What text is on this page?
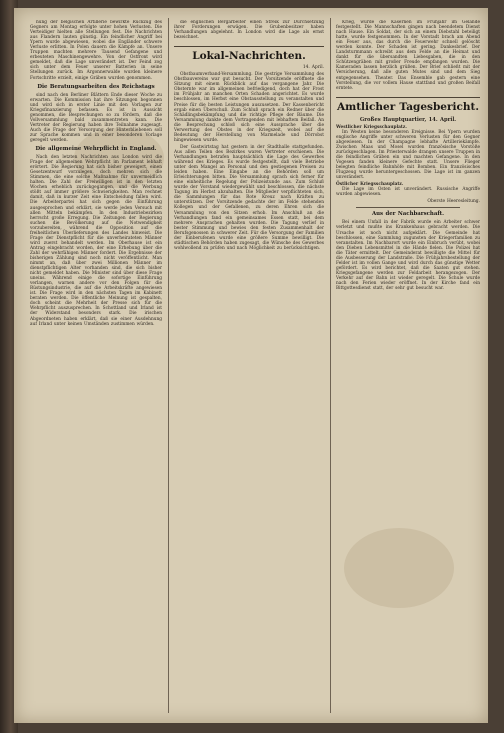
nung der belgischen Artillerie bewirkte Rückzug des Gegners am Montag erfolgte unter hohen Verlusten. Die Verteidiger hielten alle Stellungen fest. Die Nachrichten aus Flandern lauten günstig. Ein feindlicher Angriff bei Ypern wurde abgewiesen, wobei die Engländer schwere Verluste erlitten. In Polen dauern die Kämpfe an. Unsere Truppen machten mehrere Tausend Gefangene und erbeuteten Maschinengewehre. Von der Ostfront wird gemeldet, daß die Lage unverändert ist. Der Feind zog sich unter dem Feuer unserer Batterien in seine Stellungen zurück. Im Argonnerwalde wurden kleinere Fortschritte erzielt, einige Gräben wurden genommen.

Die Beratungsarbeiten des Reichstags

sind nach den Berliner Blättern Ende dieser Woche zu erwarten. Die Kommission hat ihre Sitzungen begonnen und wird sich in erster Linie mit den Vorlagen zur Kriegsfinanzierung befassen. Es ist in Aussicht genommen, die Besprechungen so zu fördern, daß die Vollversammlung bald zusammentreten kann. Die Vertreter der Regierung haben ihre Teilnahme zugesagt. Auch die Frage der Versorgung der Hinterbliebenen soll zur Sprache kommen und in einer besonderen Vorlage geregelt werden.

Die allgemeine Wehrpflicht in England.

Nach den letzten Nachrichten aus London wird die Frage der allgemeinen Wehrpflicht im Parlament lebhaft erörtert. Die Regierung hat sich bisher geweigert, einen Gesetzentwurf vorzulegen, doch mehren sich die Stimmen, die eine solche Maßnahme für unvermeidlich halten. Die Zahl der Freiwilligen ist in den letzten Wochen erheblich zurückgegangen, und die Werbung stößt auf immer größere Schwierigkeiten. Man rechnet damit, daß in kurzer Zeit eine Entscheidung fallen wird. Die Arbeiterpartei hat sich gegen die Einführung ausgesprochen und erklärt, sie werde jeden Versuch mit allen Mitteln bekämpfen. In den Industriebezirken herrscht große Erregung. Die Zeitungen der Regierung suchen die Bevölkerung auf die Notwendigkeit vorzubereiten, während die Opposition auf die freiheitlichen Überlieferungen des Landes hinweist. Die Frage der Dienstpflicht für die unverheirateten Männer wird zuerst behandelt werden. Im Oberhause ist ein Antrag eingebracht worden, der eine Erhebung über die Zahl der wehrfähigen Männer fordert. Die Ergebnisse der bisherigen Zählung sind noch nicht veröffentlicht. Man nimmt an, daß über zwei Millionen Männer im dienstpflichtigen Alter vorhanden sind, die sich bisher nicht gemeldet haben. Die Minister sind über diese Frage uneins. Während einige die sofortige Einführung verlangen, warnen andere vor den Folgen für die Rüstungsindustrie, die auf die Arbeitskräfte angewiesen ist. Die Frage wird in den nächsten Tagen im Kabinett beraten werden. Die öffentliche Meinung ist gespalten, doch scheint die Mehrheit der Presse sich für die Wehrpflicht auszusprechen. In Schottland und Irland ist der Widerstand besonders stark. Die irischen Abgeordneten haben erklärt, daß sie einer Ausdehnung auf Irland unter keinen Umständen zustimmen würden.

die englischen Bergarbeiter einen Streik zur Durchsetzung ihrer Forderungen erwägen. Die Grubenbesitzer haben Verhandlungen abgelehnt. In London wird die Lage als ernst bezeichnet.

Lokal-Nachrichten.
14. April.

Obstbaumverband-Versammlung. Die gestrige Versammlung des Obstbauvereins war gut besucht. Der Vorsitzende eröffnete die Sitzung mit einem Rückblick auf das vergangene Jahr. Die Obsternte war im allgemeinen befriedigend, doch hat der Frost im Frühjahr an manchen Orten Schaden angerichtet. Es wurde beschlossen, im Herbst eine Obstausstellung zu veranstalten und Preise für die besten Leistungen auszusetzen. Der Kassenbericht ergab einen Überschuß. Zum Schluß sprach ein Redner über die Schädlingsbekämpfung und die richtige Pflege der Bäume. Die Versammlung dankte dem Vortragenden mit lebhaftem Beifall. An die Besprechung schloß sich eine Aussprache über die Verwertung des Obstes in der Kriegszeit, wobei auf die Bedeutung der Herstellung von Marmelade und Dörrobst hingewiesen wurde.

Der Gastwirtstag hat gestern in der Stadthalle stattgefunden. Aus allen Teilen des Bezirkes waren Vertreter erschienen. Die Verhandlungen betrafen hauptsächlich die Lage des Gewerbes während des Krieges. Es wurde festgestellt, daß viele Betriebe unter dem Mangel an Personal und den gestiegenen Preisen zu leiden haben. Eine Eingabe an die Behörden soll um Erleichterungen bitten. Die Versammlung sprach sich ferner für eine einheitliche Regelung der Polizeistunde aus. Zum Schluß wurde der Vorstand wiedergewählt und beschlossen, die nächste Tagung im Herbst abzuhalten. Die Mitglieder verpflichteten sich, die Sammlungen für das Rote Kreuz nach Kräften zu unterstützen. Der Vorsitzende gedachte der im Felde stehenden Kollegen und der Gefallenen, zu deren Ehren sich die Versammlung von den Sitzen erhob. Im Anschluß an die Verhandlungen fand ein gemeinsames Essen statt, bei dem mehrere Ansprachen gehalten wurden. Die Tagung verlief in bester Stimmung und bewies den festen Zusammenhalt der Berufsgenossen in schwerer Zeit. Für die Versorgung der Familien der Einberufenen wurde eine größere Summe bewilligt. Die städtischen Behörden haben zugesagt, die Wünsche des Gewerbes wohlwollend zu prüfen und nach Möglichkeit zu berücksichtigen.

Krieg, wurde die Kasernen im Frühjahr im Gelände festgestellt. Die Mannschaften gingen nach beendetem Dienst nach Hause. Ein Soldat, der sich an einem Diebstahl beteiligt hatte, wurde festgenommen. In der Vorstadt brach am Abend ein Feuer aus, das durch die Feuerwehr schnell gelöscht werden konnte. Der Schaden ist gering. Dankesbrief. Der Landsturmmann schreibt aus dem Felde an die Heimat und dankt für die übersandten Liebesgaben, die in den Schützengräben mit großer Freude empfangen wurden. Die Kameraden lassen herzlich grüßen. Der Brief schließt mit der Versicherung, daß alle guten Mutes sind und dem Sieg entgegensehen. Theater. Das Ensemble gab gestern eine Vorstellung, die vor vollem Hause stattfand und großen Beifall erntete.

Amtlicher Tagesbericht.
Großes Hauptquartier, 14. April.
Westlicher Kriegsschauplatz.

Im Westen keine besonderen Ereignisse. Bei Ypern wurden englische Angriffe unter schweren Verlusten für den Gegner abgewiesen. In der Champagne lebhafte Artilleriekämpfe. Zwischen Maas und Mosel wurden französische Vorstöße zurückgeschlagen. Im Priesterwalde drangen unsere Truppen in die feindlichen Gräben ein und machten Gefangene. In den Vogesen fanden kleinere Gefechte statt. Unsere Flieger belegten feindliche Bahnhöfe mit Bomben. Ein französisches Flugzeug wurde heruntergeschossen. Die Lage ist im ganzen unverändert.

Östlicher Kriegsschauplatz.

Die Lage im Osten ist unverändert. Russische Angriffe wurden abgewiesen.

Oberste Heeresleitung.
Aus der Nachbarschaft.

Bei einem Unfall in der Fabrik wurde ein Arbeiter schwer verletzt und mußte ins Krankenhaus gebracht werden. Die Ursache ist noch nicht aufgeklärt. Die Gemeinde hat beschlossen, eine Sammlung zugunsten der Kriegerfamilien zu veranstalten. Im Nachbarort wurde ein Einbruch verübt, wobei den Dieben Lebensmittel in die Hände fielen. Die Polizei hat die Täter ermittelt. Der Gemeinderat bewilligte die Mittel für die Ausbesserung der Landstraße. Die Frühjahrsbestellung der Felder ist im vollen Gange und wird durch das günstige Wetter gefördert. Es wird berichtet, daß die Saaten gut stehen. Kriegsgefangene werden zur Feldarbeit herangezogen. Der Verkehr auf der Bahn ist wieder geregelt. Die Schule wurde nach den Ferien wieder eröffnet. In der Kirche fand ein Bittgottesdienst statt, der sehr gut besucht war.
